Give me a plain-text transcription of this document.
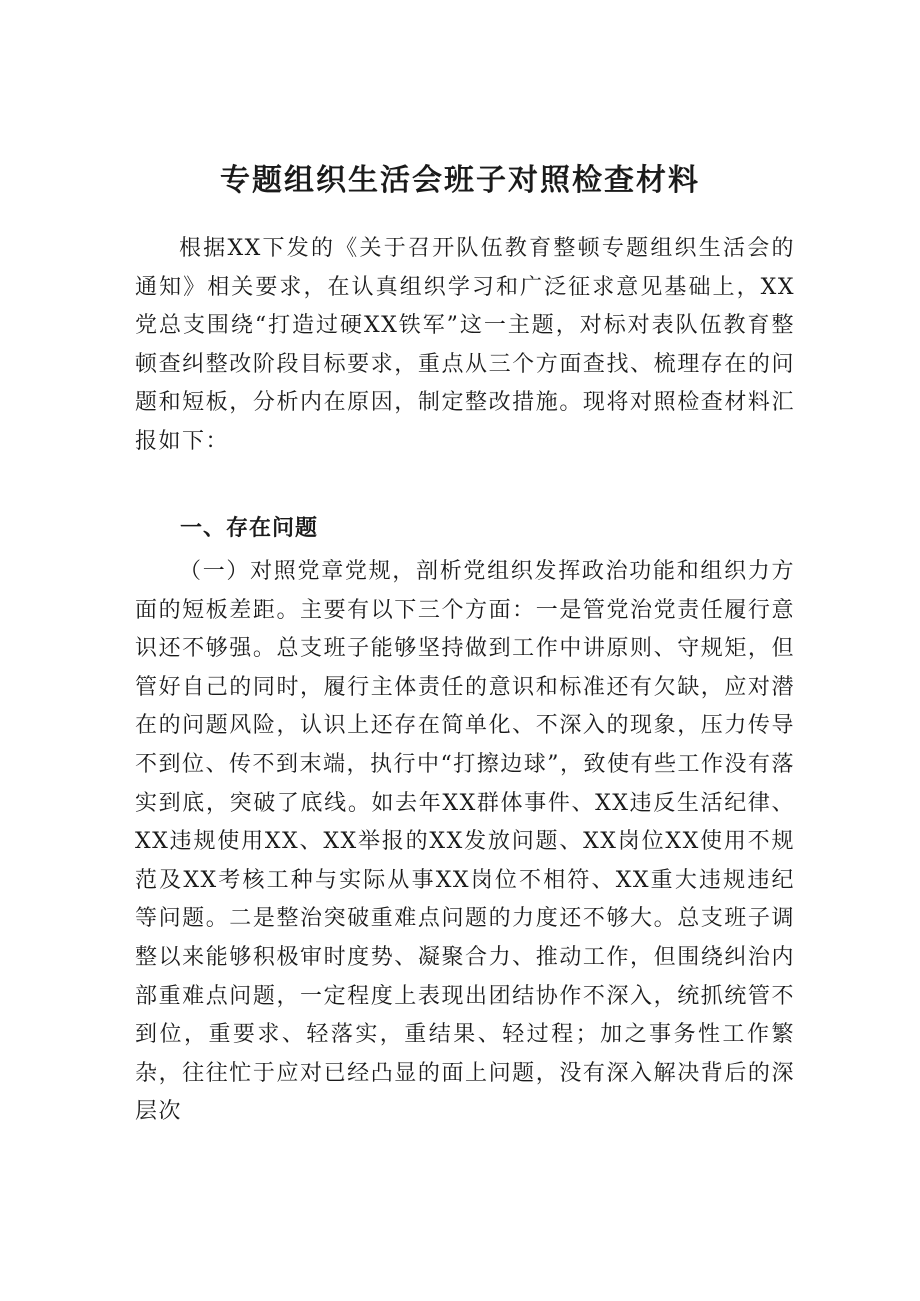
专题组织生活会班子对照检查材料

根据XX下发的《关于召开队伍教育整顿专题组织生活会的通知》相关要求，在认真组织学习和广泛征求意见基础上，XX党总支围绕“打造过硬XX铁军”这一主题，对标对表队伍教育整顿查纠整改阶段目标要求，重点从三个方面查找、梳理存在的问题和短板，分析内在原因，制定整改措施。现将对照检查材料汇报如下：

一、存在问题

（一）对照党章党规，剖析党组织发挥政治功能和组织力方面的短板差距。主要有以下三个方面：一是管党治党责任履行意识还不够强。总支班子能够坚持做到工作中讲原则、守规矩，但管好自己的同时，履行主体责任的意识和标准还有欠缺，应对潜在的问题风险，认识上还存在简单化、不深入的现象，压力传导不到位、传不到末端，执行中“打擦边球”，致使有些工作没有落实到底，突破了底线。如去年XX群体事件、XX违反生活纪律、XX违规使用XX、XX举报的XX发放问题、XX岗位XX使用不规范及XX考核工种与实际从事XX岗位不相符、XX重大违规违纪等问题。二是整治突破重难点问题的力度还不够大。总支班子调整以来能够积极审时度势、凝聚合力、推动工作，但围绕纠治内部重难点问题，一定程度上表现出团结协作不深入，统抓统管不到位，重要求、轻落实，重结果、轻过程；加之事务性工作繁杂，往往忙于应对已经凸显的面上问题，没有深入解决背后的深层次
